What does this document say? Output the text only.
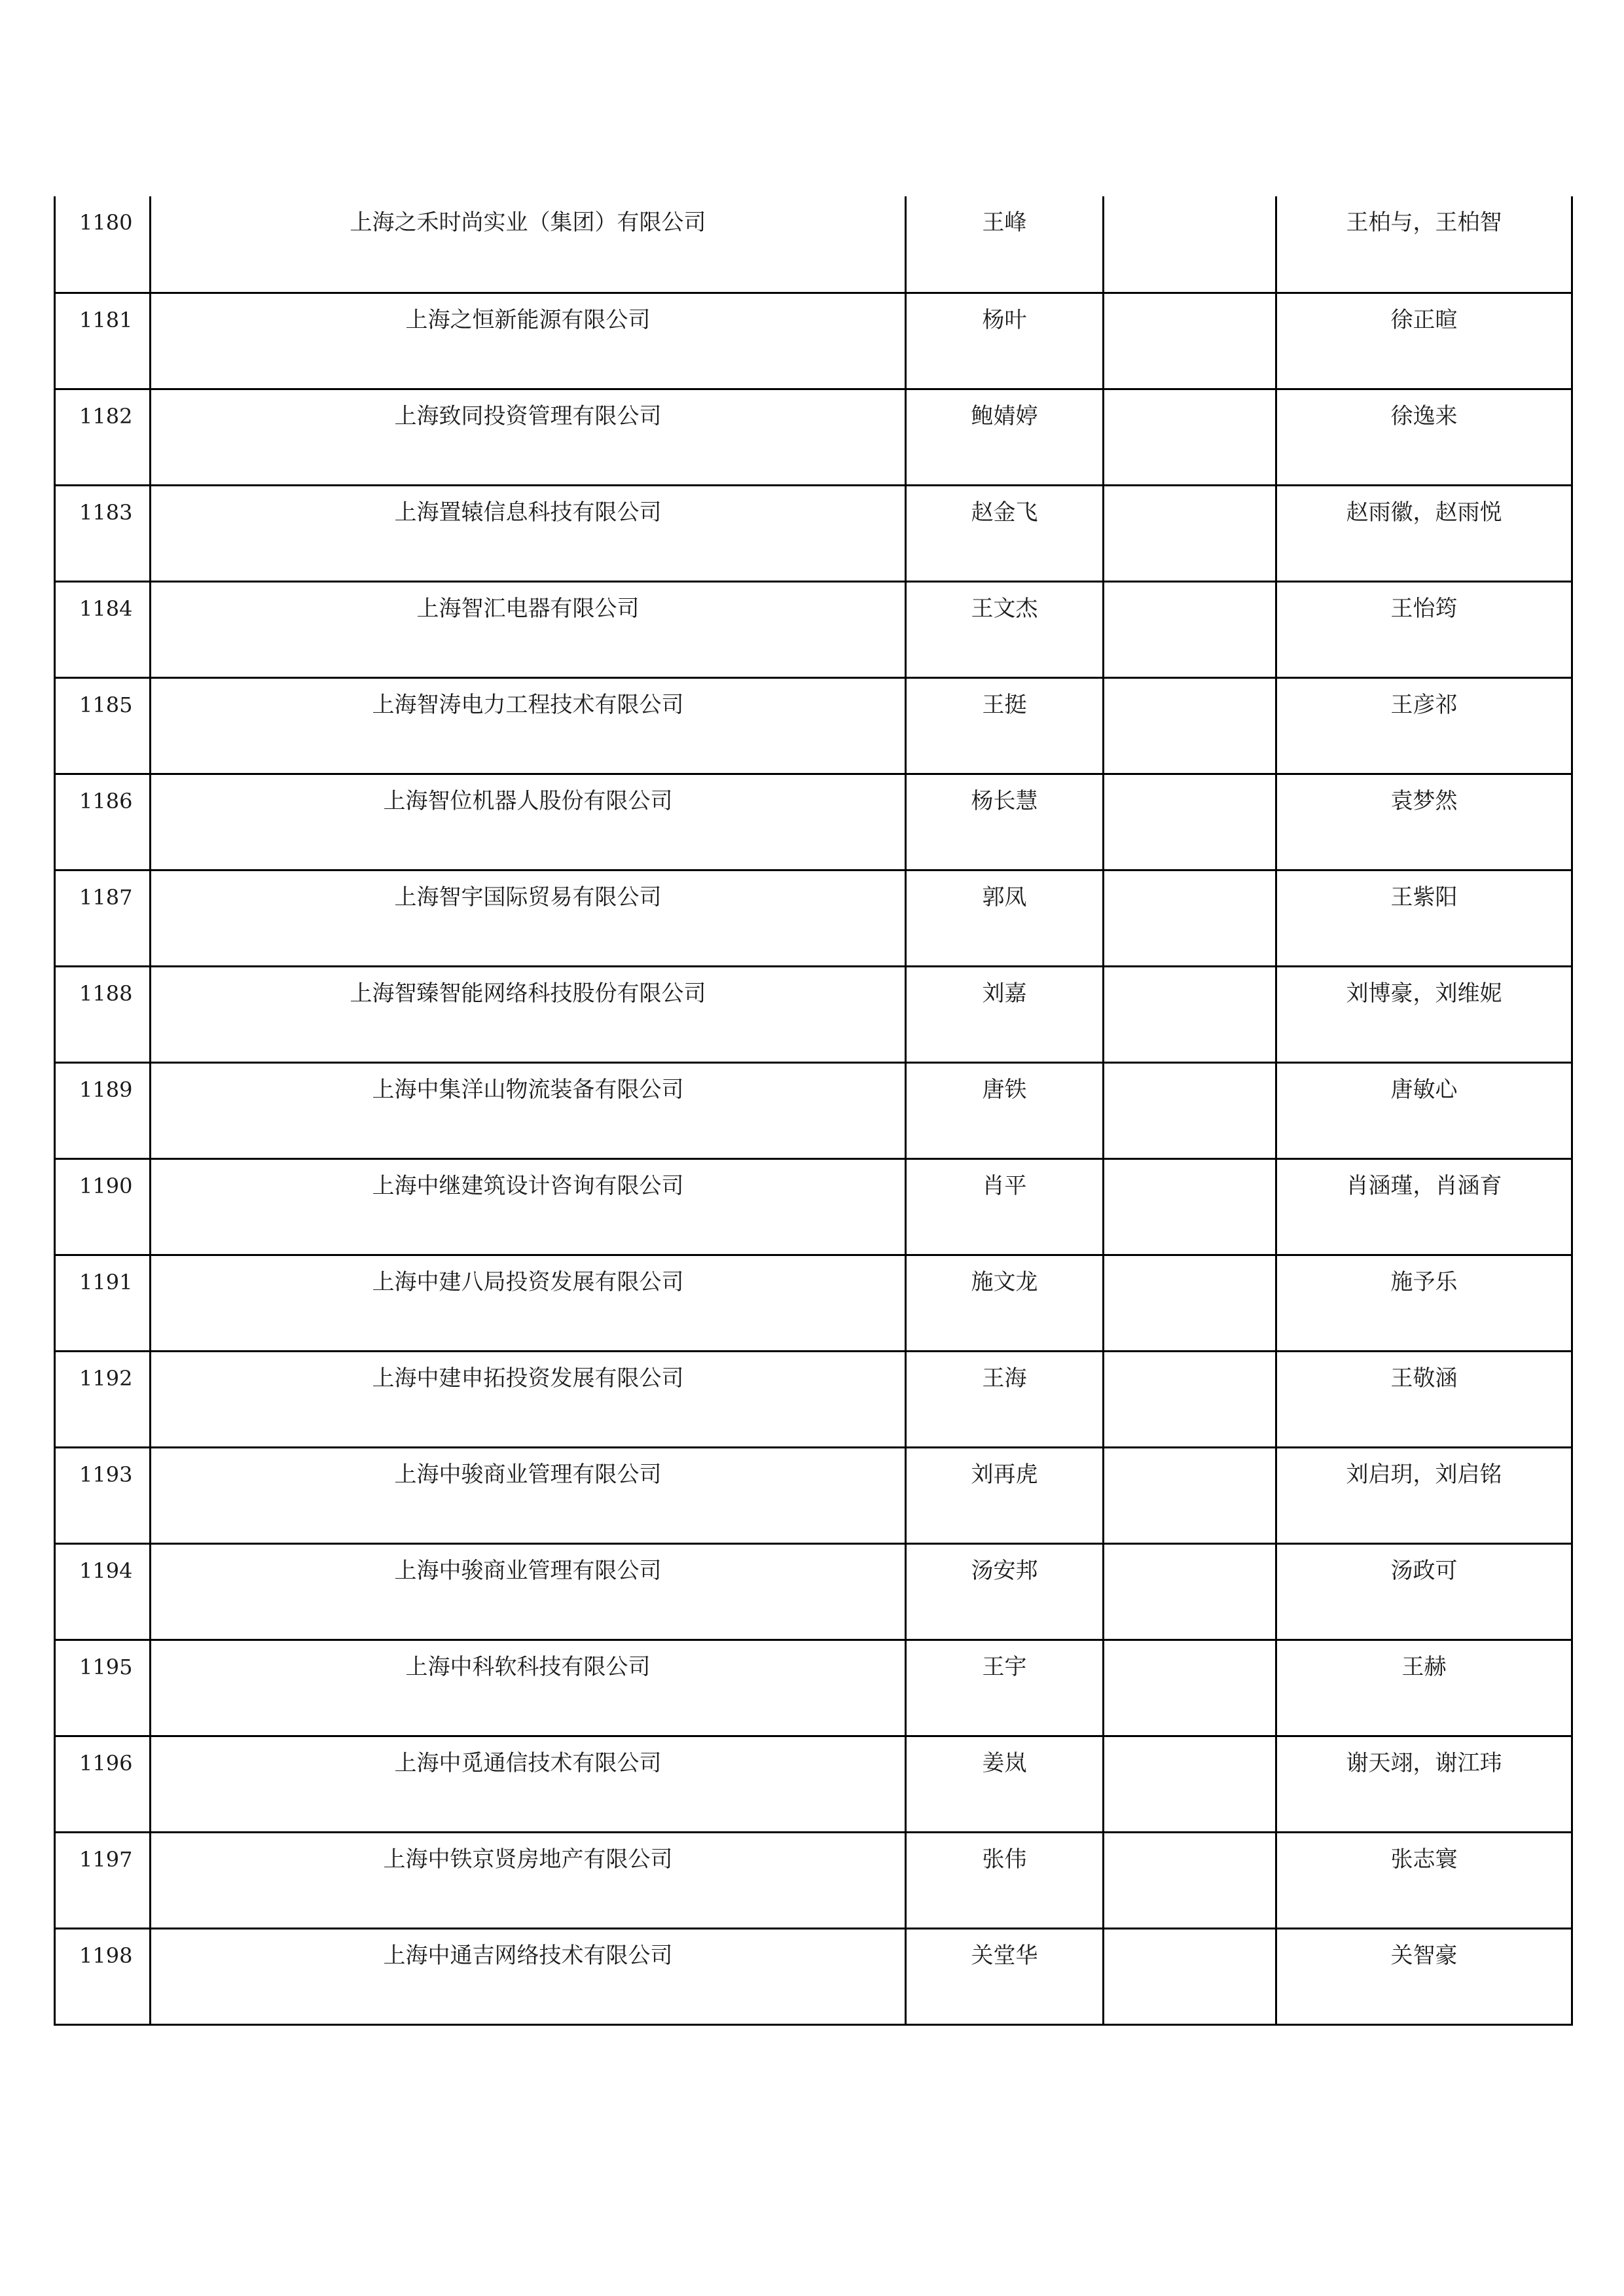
1180	上海之禾时尚实业（集团）有限公司	王峰		王柏与，王柏智

1181	上海之恒新能源有限公司	杨叶		徐正暄

1182	上海致同投资管理有限公司	鲍婧婷		徐逸来

1183	上海置辕信息科技有限公司	赵金飞		赵雨徽，赵雨悦

1184	上海智汇电器有限公司	王文杰		王怡筠

1185	上海智涛电力工程技术有限公司	王挺		王彦祁

1186	上海智位机器人股份有限公司	杨长慧		袁梦然

1187	上海智宇国际贸易有限公司	郭凤		王紫阳

1188	上海智臻智能网络科技股份有限公司	刘嘉		刘博豪，刘维妮

1189	上海中集洋山物流装备有限公司	唐铁		唐敏心

1190	上海中继建筑设计咨询有限公司	肖平		肖涵瑾，肖涵育

1191	上海中建八局投资发展有限公司	施文龙		施予乐

1192	上海中建申拓投资发展有限公司	王海		王敬涵

1193	上海中骏商业管理有限公司	刘再虎		刘启玥，刘启铭

1194	上海中骏商业管理有限公司	汤安邦		汤政可

1195	上海中科软科技有限公司	王宇		王赫

1196	上海中觅通信技术有限公司	姜岚		谢天翊，谢江玮

1197	上海中铁京贤房地产有限公司	张伟		张志寰

1198	上海中通吉网络技术有限公司	关堂华		关智豪
